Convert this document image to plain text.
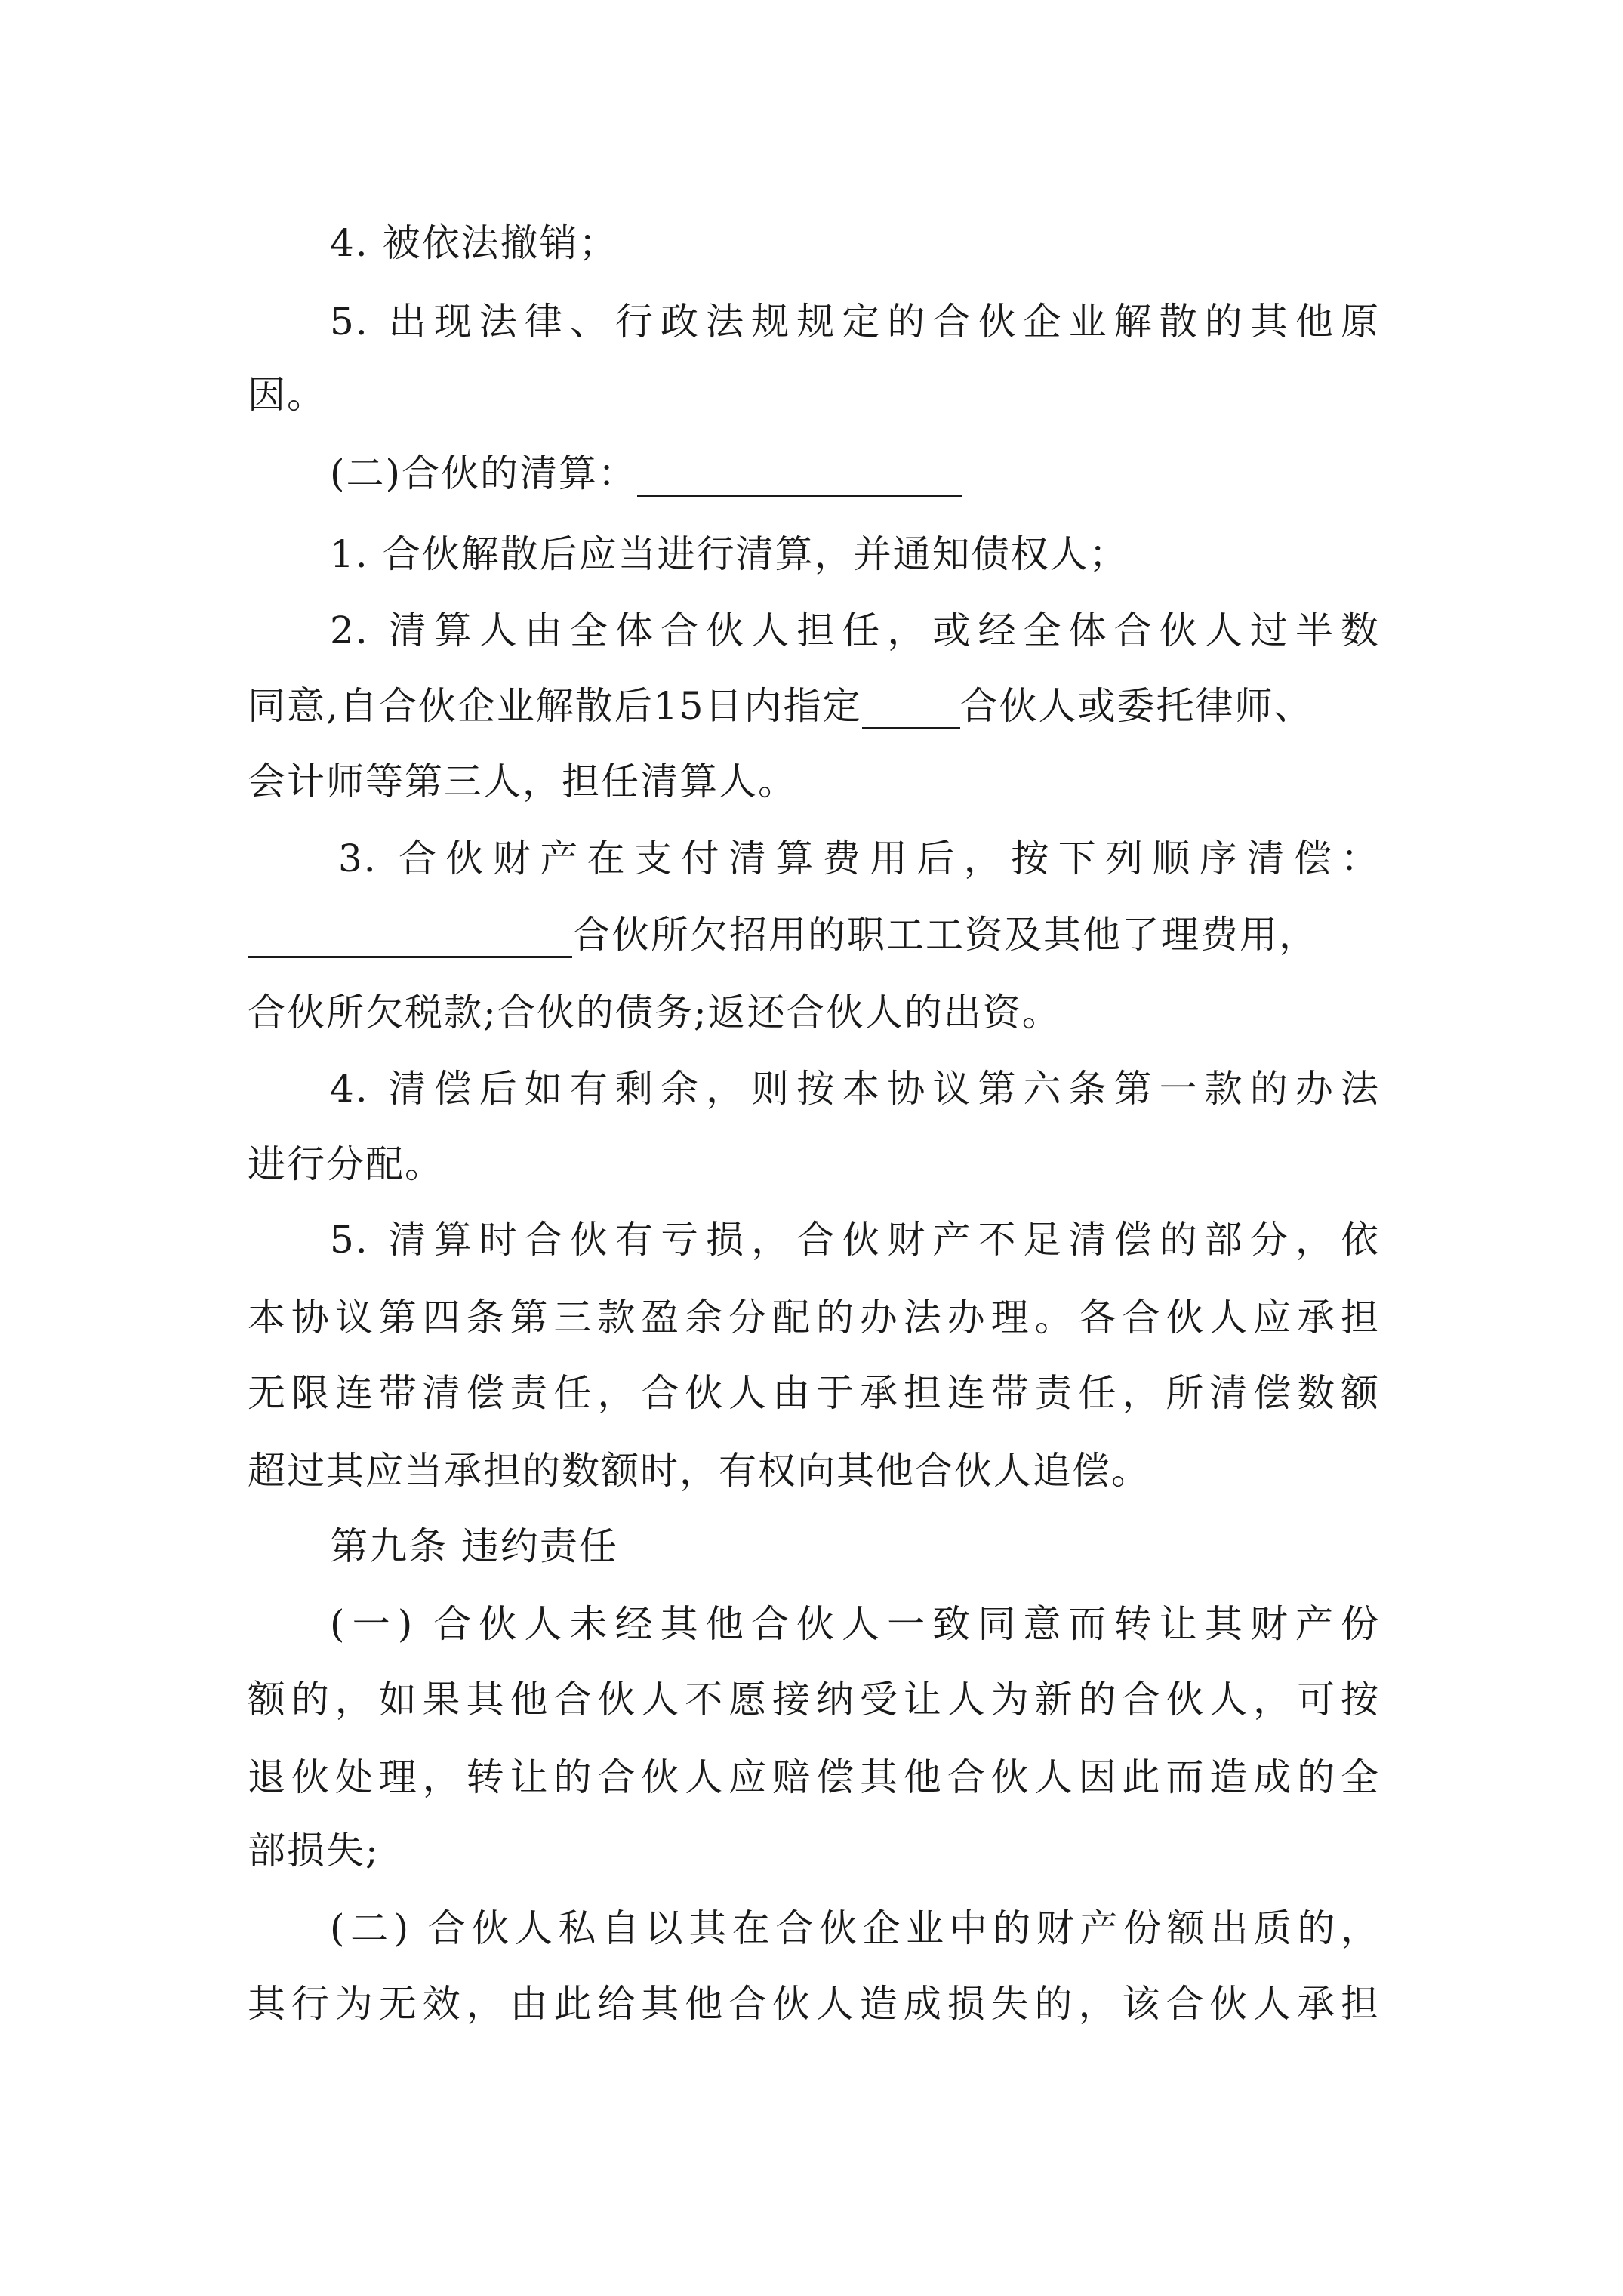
4. 被依法撤销；
5. 出现法律、行政法规规定的合伙企业解散的其他原
因。
(二)合伙的清算：
1. 合伙解散后应当进行清算，并通知债权人；
2. 清算人由全体合伙人担任，或经全体合伙人过半数
同意,自合伙企业解散后15日内指定	合伙人或委托律师、
会计师等第三人，担任清算人。
3. 合伙财产在支付清算费用后，按下列顺序清偿：
合伙所欠招用的职工工资及其他了理费用，
合伙所欠税款;合伙的债务;返还合伙人的出资。
4. 清偿后如有剩余，则按本协议第六条第一款的办法
进行分配。
5. 清算时合伙有亏损，合伙财产不足清偿的部分，依
本协议第四条第三款盈余分配的办法办理。各合伙人应承担
无限连带清偿责任，合伙人由于承担连带责任，所清偿数额
超过其应当承担的数额时，有权向其他合伙人追偿。
第九条 违约责任
(一) 合伙人未经其他合伙人一致同意而转让其财产份
额的，如果其他合伙人不愿接纳受让人为新的合伙人，可按
退伙处理，转让的合伙人应赔偿其他合伙人因此而造成的全
部损失;
(二) 合伙人私自以其在合伙企业中的财产份额出质的，
其行为无效，由此给其他合伙人造成损失的，该合伙人承担
